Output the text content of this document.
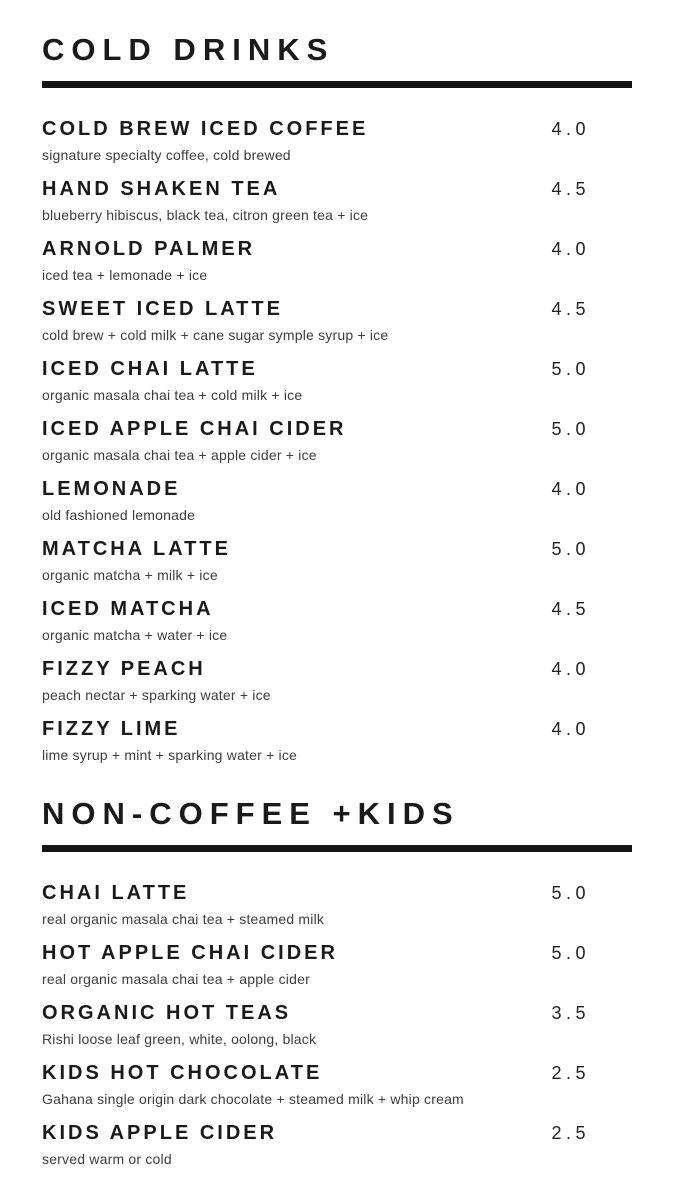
COLD DRINKS
COLD BREW ICED COFFEE	4.0
signature specialty coffee, cold brewed
HAND SHAKEN TEA	4.5
blueberry hibiscus, black tea, citron green tea + ice
ARNOLD PALMER	4.0
iced tea + lemonade + ice
SWEET ICED LATTE	4.5
cold brew + cold milk + cane sugar symple syrup + ice
ICED CHAI LATTE	5.0
organic masala chai tea + cold milk + ice
ICED APPLE CHAI CIDER	5.0
organic masala chai tea + apple cider + ice
LEMONADE	4.0
old fashioned lemonade
MATCHA LATTE	5.0
organic matcha + milk + ice
ICED MATCHA	4.5
organic matcha + water + ice
FIZZY PEACH	4.0
peach nectar + sparking water + ice
FIZZY LIME	4.0
lime syrup + mint + sparking water + ice
NON-COFFEE +KIDS
CHAI LATTE	5.0
real organic masala chai tea + steamed milk
HOT APPLE CHAI CIDER	5.0
real organic masala chai tea + apple cider
ORGANIC HOT TEAS	3.5
Rishi loose leaf green, white, oolong, black
KIDS HOT CHOCOLATE	2.5
Gahana single origin dark chocolate + steamed milk + whip cream
KIDS APPLE CIDER	2.5
served warm or cold
